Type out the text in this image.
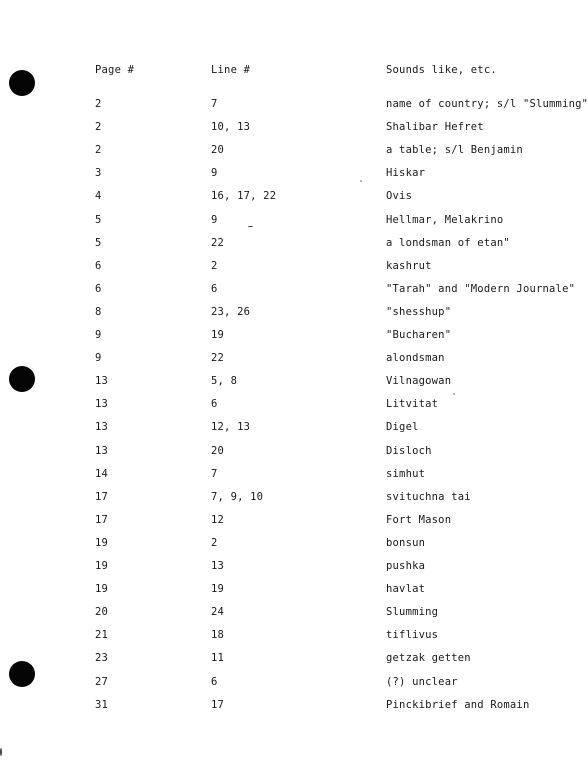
Page #	Line #	Sounds like, etc.
2	7	name of country; s/l "Slumming"
2	10, 13	Shalibar Hefret
2	20	a table; s/l Benjamin
3	9	Hiskar
4	16, 17, 22	Ovis
5	9	Hellmar, Melakrino
5	22	a londsman of etan"
6	2	kashrut
6	6	"Tarah" and "Modern Journale"
8	23, 26	"shesshup"
9	19	"Bucharen"
9	22	alondsman
13	5, 8	Vilnagowan
13	6	Litvitat
13	12, 13	Digel
13	20	Disloch
14	7	simhut
17	7, 9, 10	svituchna tai
17	12	Fort Mason
19	2	bonsun
19	13	pushka
19	19	havlat
20	24	Slumming
21	18	tiflivus
23	11	getzak getten
27	6	(?) unclear
31	17	Pinckibrief and Romain
